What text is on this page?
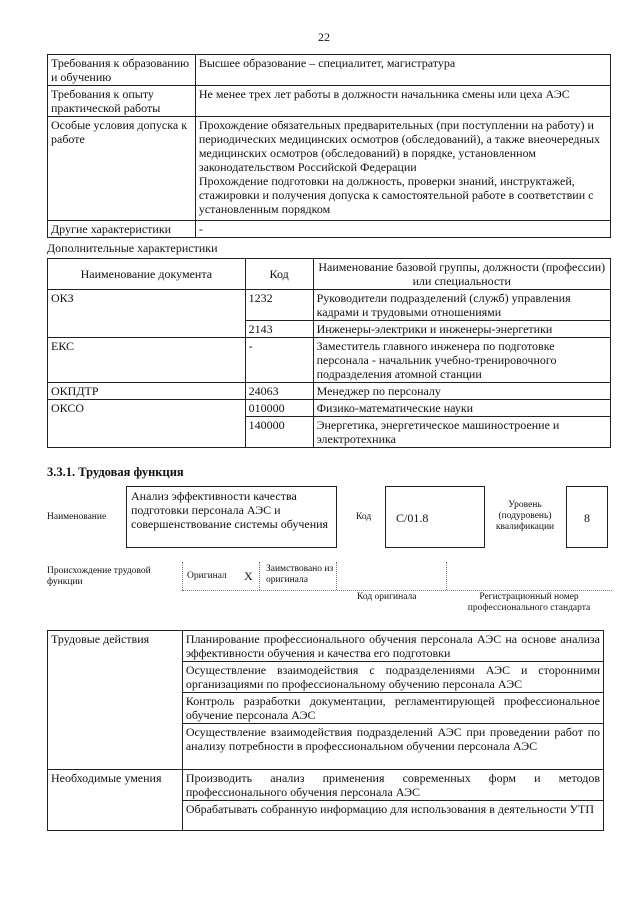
22
Требования к образованию и обучению	Высшее образование – специалитет, магистратура
Требования к опыту практической работы	Не менее трех лет работы в должности начальника смены или цеха АЭС
Особые условия допуска к работе	Прохождение обязательных предварительных (при поступлении на работу) и периодических медицинских осмотров (обследований), а также внеочередных медицинских осмотров (обследований) в порядке, установленном законодательством Российской Федерации
Прохождение подготовки на должность, проверки знаний, инструктажей, стажировки и получения допуска к самостоятельной работе в соответствии с установленным порядком

Другие характеристики	-
Дополнительные характеристики
Наименование документа	Код	Наименование базовой группы, должности (профессии) или специальности
ОКЗ	1232	Руководители подразделений (служб) управления кадрами и трудовыми отношениями
	2143	Инженеры-электрики и инженеры-энергетики
ЕКС	-	Заместитель главного инженера по подготовке персонала - начальник учебно-тренировочного подразделения атомной станции
ОКПДТР	24063	Менеджер по персоналу
ОКСО	010000	Физико-математические науки
	140000	Энергетика, энергетическое машиностроение и электротехника
3.3.1. Трудовая функция
Наименование
Анализ эффективности качества подготовки персонала АЭС и совершенствование системы обучения	Код	С/01.8
Уровень (подуровень) квалификации
8
Происхождение трудовой функции
Оригинал X Заимствовано из оригинала
Код оригинала	Регистрационный номер профессионального стандарта
Трудовые действия	Планирование профессионального обучения персонала АЭС на основе анализа эффективности обучения и качества его подготовки
	Осуществление взаимодействия с подразделениями АЭС и сторонними организациями по профессиональному обучению персонала АЭС
	Контроль разработки документации, регламентирующей профессиональное обучение персонала АЭС
	Осуществление взаимодействия подразделений АЭС при проведении работ по анализу потребности в профессиональном обучении персонала АЭС
Необходимые умения	Производить анализ применения современных форм и методов профессионального обучения персонала АЭС
	Обрабатывать собранную информацию для использования в деятельности УТП
